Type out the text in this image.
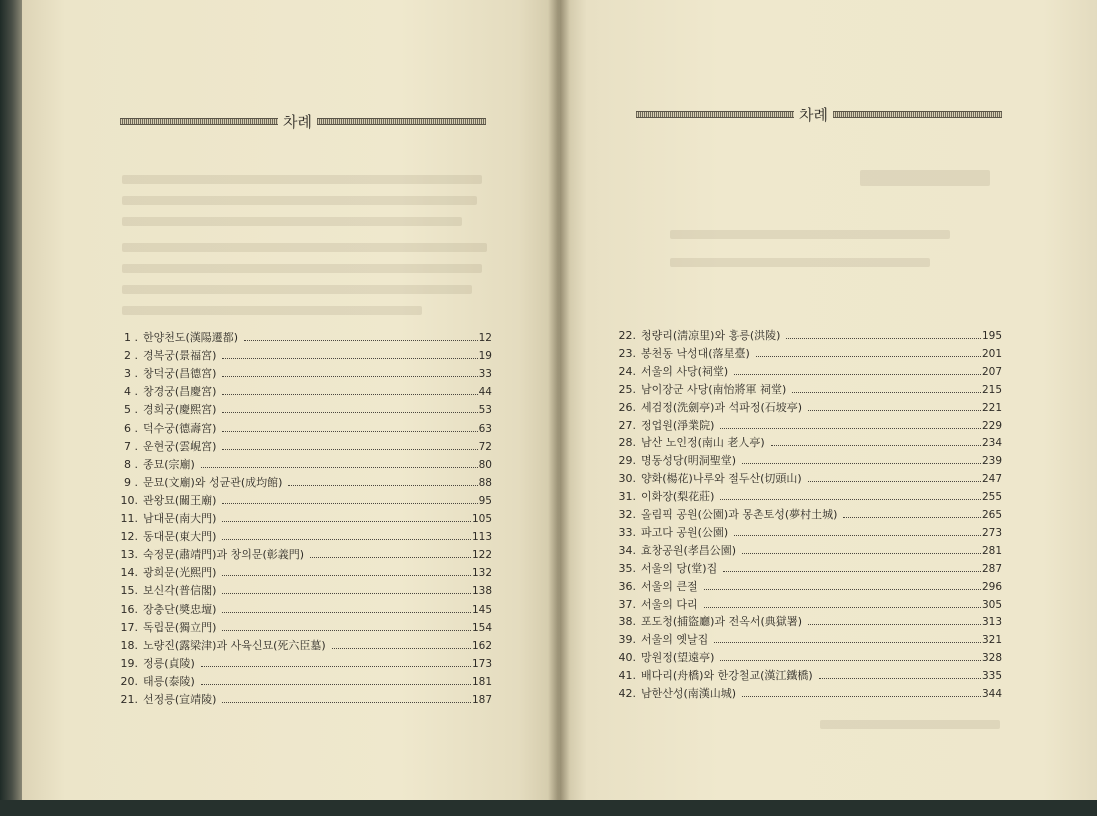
차례
1 . 한양천도(漢陽遷都)	12
2 . 경복궁(景福宮)	19
3 . 창덕궁(昌德宮)	33
4 . 창경궁(昌慶宮)	44
5 . 경희궁(慶熙宮)	53
6 . 덕수궁(德壽宮)	63
7 . 운현궁(雲峴宮)	72
8 . 종묘(宗廟)	80
9 . 문묘(文廟)와 성균관(成均館)	88
10. 관왕묘(關王廟)	95
11. 남대문(南大門)	105
12. 동대문(東大門)	113
13. 숙정문(肅靖門)과 창의문(彰義門)	122
14. 광희문(光熙門)	132
15. 보신각(普信閣)	138
16. 장충단(奬忠壇)	145
17. 독립문(獨立門)	154
18. 노량진(露梁津)과 사육신묘(死六臣墓)	162
19. 정릉(貞陵)	173
20. 태릉(泰陵)	181
21. 선정릉(宣靖陵)	187
차례
22. 청량리(淸凉里)와 홍릉(洪陵)	195
23. 봉천동 낙성대(落星臺)	201
24. 서울의 사당(祠堂)	207
25. 남이장군 사당(南怡將軍 祠堂)	215
26. 세검정(洗劍亭)과 석파정(石坡亭)	221
27. 정업원(淨業院)	229
28. 남산 노인정(南山 老人亭)	234
29. 명동성당(明洞聖堂)	239
30. 양화(楊花)나루와 절두산(切頭山)	247
31. 이화장(梨花莊)	255
32. 올림픽 공원(公園)과 몽촌토성(夢村土城)	265
33. 파고다 공원(公園)	273
34. 효창공원(孝昌公園)	281
35. 서울의 당(堂)집	287
36. 서울의 큰절	296
37. 서울의 다리	305
38. 포도청(捕盜廳)과 전옥서(典獄署)	313
39. 서울의 옛날집	321
40. 망원정(望遠亭)	328
41. 배다리(舟橋)와 한강철교(漢江鐵橋)	335
42. 남한산성(南漢山城)	344
